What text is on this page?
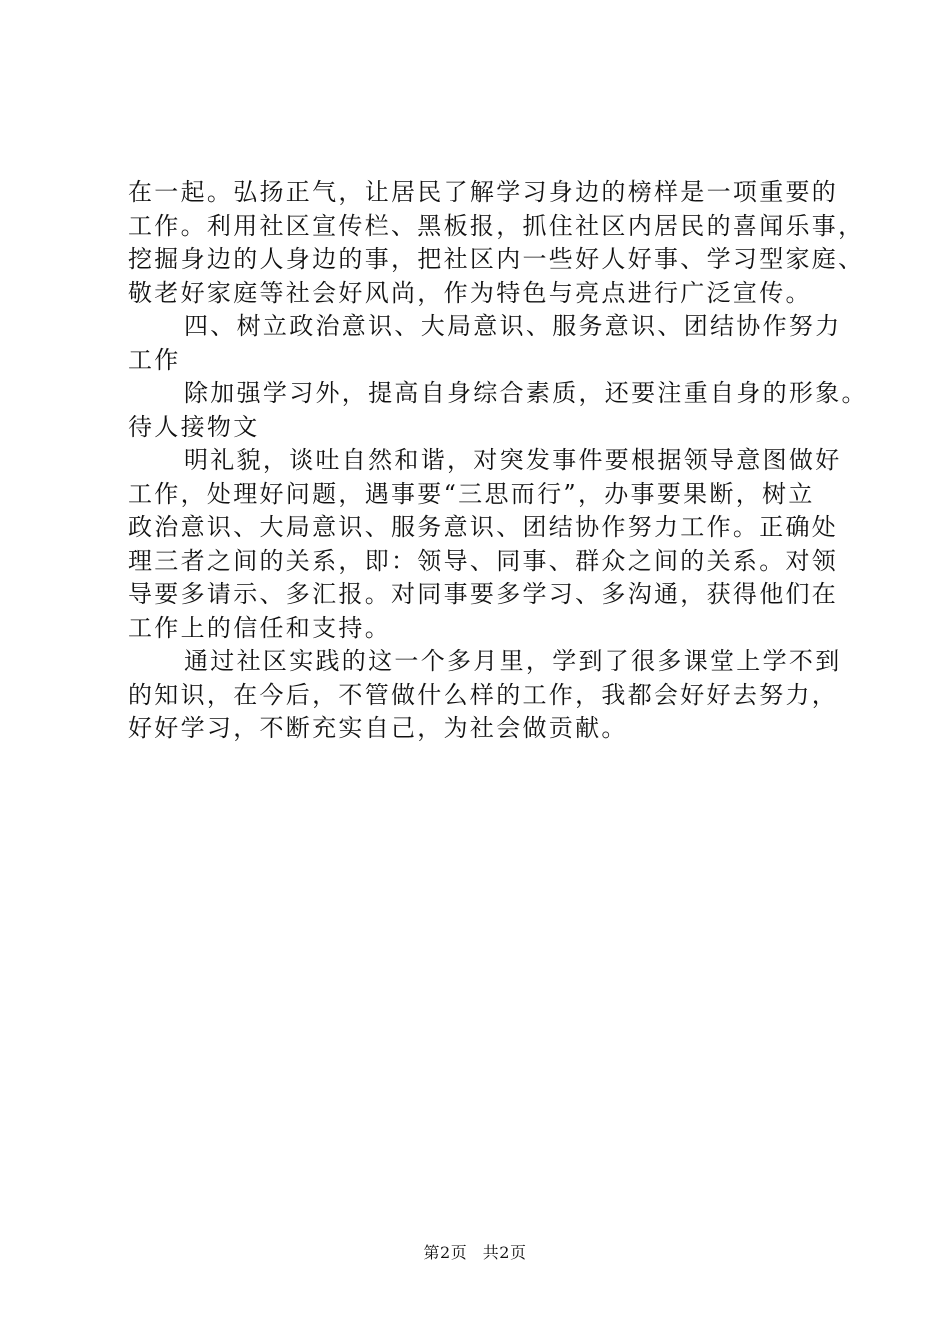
在一起。弘扬正气，让居民了解学习身边的榜样是一项重要的
工作。利用社区宣传栏、黑板报，抓住社区内居民的喜闻乐事，
挖掘身边的人身边的事，把社区内一些好人好事、学习型家庭、
敬老好家庭等社会好风尚，作为特色与亮点进行广泛宣传。
四、树立政治意识、大局意识、服务意识、团结协作努力
工作
除加强学习外，提高自身综合素质，还要注重自身的形象。
待人接物文
明礼貌，谈吐自然和谐，对突发事件要根据领导意图做好
工作，处理好问题，遇事要“三思而行”，办事要果断，树立
政治意识、大局意识、服务意识、团结协作努力工作。正确处
理三者之间的关系，即：领导、同事、群众之间的关系。对领
导要多请示、多汇报。对同事要多学习、多沟通，获得他们在
工作上的信任和支持。
通过社区实践的这一个多月里，学到了很多课堂上学不到
的知识，在今后，不管做什么样的工作，我都会好好去努力，
好好学习，不断充实自己，为社会做贡献。
第2页 共2页
